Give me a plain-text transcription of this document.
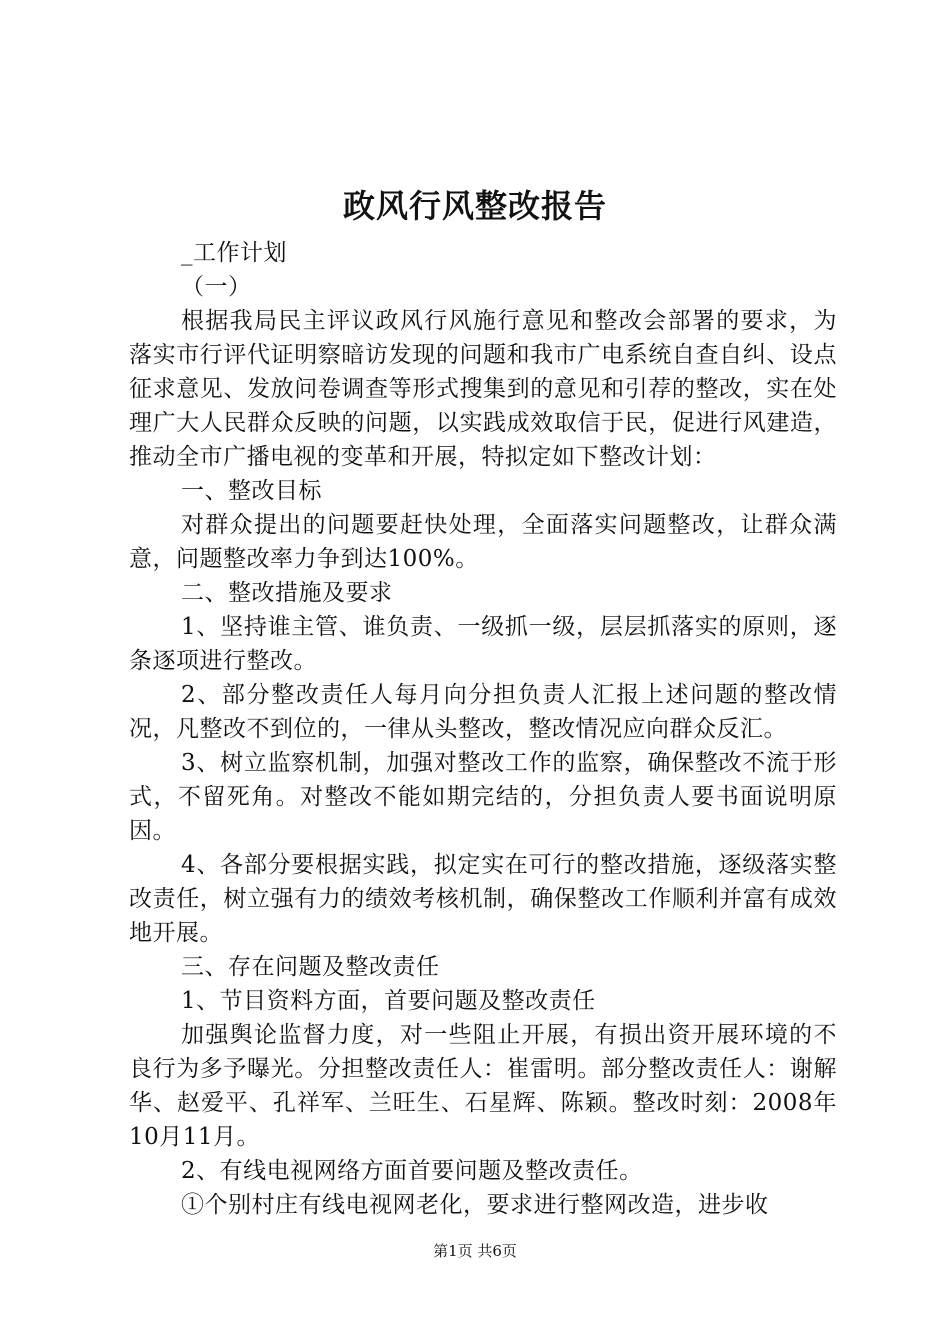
政风行风整改报告

_工作计划

（一）

根据我局民主评议政风行风施行意见和整改会部署的要求，为落实市行评代证明察暗访发现的问题和我市广电系统自查自纠、设点征求意见、发放问卷调查等形式搜集到的意见和引荐的整改，实在处理广大人民群众反映的问题，以实践成效取信于民，促进行风建造，推动全市广播电视的变革和开展，特拟定如下整改计划：

一、整改目标

对群众提出的问题要赶快处理，全面落实问题整改，让群众满意，问题整改率力争到达100%。

二、整改措施及要求

1、坚持谁主管、谁负责、一级抓一级，层层抓落实的原则，逐条逐项进行整改。

2、部分整改责任人每月向分担负责人汇报上述问题的整改情况，凡整改不到位的，一律从头整改，整改情况应向群众反汇。

3、树立监察机制，加强对整改工作的监察，确保整改不流于形式，不留死角。对整改不能如期完结的，分担负责人要书面说明原因。

4、各部分要根据实践，拟定实在可行的整改措施，逐级落实整改责任，树立强有力的绩效考核机制，确保整改工作顺利并富有成效地开展。

三、存在问题及整改责任

1、节目资料方面，首要问题及整改责任

加强舆论监督力度，对一些阻止开展，有损出资开展环境的不良行为多予曝光。分担整改责任人：崔雷明。部分整改责任人：谢解华、赵爱平、孔祥军、兰旺生、石星辉、陈颖。整改时刻：2008年10月11月。

2、有线电视网络方面首要问题及整改责任。

①个别村庄有线电视网老化，要求进行整网改造，进步收

第1页 共6页
